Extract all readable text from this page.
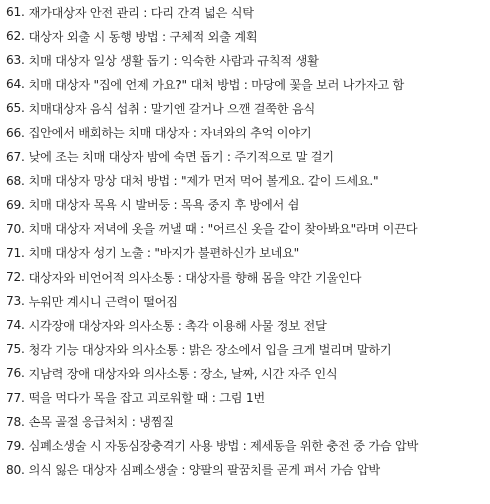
61. 재가대상자 안전 관리 : 다리 간격 넓은 식탁
62. 대상자 외출 시 동행 방법 : 구체적 외출 계획
63. 치매 대상자 일상 생활 돕기 : 익숙한 사람과 규칙적 생활
64. 치매 대상자 "집에 언제 가요?" 대처 방법 : 마당에 꽃을 보러 나가자고 함
65. 치매대상자 음식 섭취 : 말기엔 갈거나 으깬 걸쭉한 음식
66. 집안에서 배회하는 치매 대상자 : 자녀와의 추억 이야기
67. 낮에 조는 치매 대상자 밤에 숙면 돕기 : 주기적으로 말 걸기
68. 치매 대상자 망상 대처 방법 : "제가 먼저 먹어 볼게요. 같이 드세요."
69. 치매 대상자 목욕 시 발버둥 : 목욕 중지 후 방에서 쉼
70. 치매 대상자 저녁에 옷을 꺼낼 때 : "어르신 옷을 같이 찾아봐요"라며 이끈다
71. 치매 대상자 성기 노출 : "바지가 불편하신가 보네요"
72. 대상자와 비언어적 의사소통 : 대상자를 향해 몸을 약간 기울인다
73. 누워만 계시니 근력이 떨어짐
74. 시각장애 대상자와 의사소통 : 촉각 이용해 사물 정보 전달
75. 청각 기능 대상자와 의사소통 : 밝은 장소에서 입을 크게 벌리며 말하기
76. 지남력 장애 대상자와 의사소통 : 장소, 날짜, 시간 자주 인식
77. 떡을 먹다가 목을 잡고 괴로워할 때 : 그림 1번
78. 손목 골절 응급처치 : 냉찜질
79. 심폐소생술 시 자동심장충격기 사용 방법 : 제세동을 위한 충전 중 가슴 압박
80. 의식 잃은 대상자 심폐소생술 : 양팔의 팔꿈치를 곧게 펴서 가슴 압박
